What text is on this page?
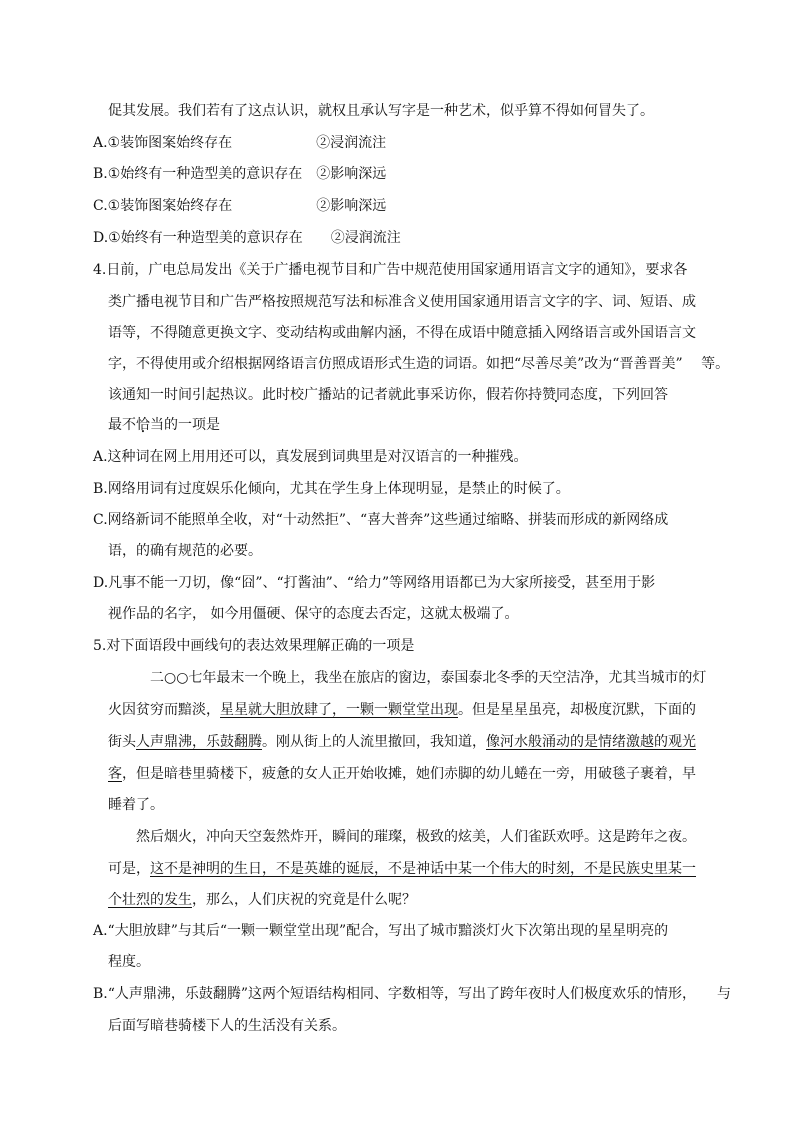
促其发展。我们若有了这点认识，就权且承认写字是一种艺术，似乎算不得如何冒失了。
A.①装饰图案始终存在　　　　　　②浸润流注
B.①始终有一种造型美的意识存在　②影响深远
C.①装饰图案始终存在　　　　　　②影响深远
D.①始终有一种造型美的意识存在　　②浸润流注
4.日前，广电总局发出《关于广播电视节目和广告中规范使用国家通用语言文字的通知》，要求各
类广播电视节目和广告严格按照规范写法和标准含义使用国家通用语言文字的字、词、短语、成
语等，不得随意更换文字、变动结构或曲解内涵，不得在成语中随意插入网络语言或外国语言文
字，不得使用或介绍根据网络语言仿照成语形式生造的词语。如把“尽善尽美”改为“晋善晋美”　 等。
该通知一时间引起热议。此时校广播站的记者就此事采访你，假若你持赞同态度，下列回答
最不恰当的一项是
A.这种词在网上用用还可以，真发展到词典里是对汉语言的一种摧残。
B.网络用词有过度娱乐化倾向，尤其在学生身上体现明显，是禁止的时候了。
C.网络新词不能照单全收，对“十动然拒”、“喜大普奔”这些通过缩略、拼装而形成的新网络成
语，的确有规范的必要。
D.凡事不能一刀切，像“囧”、“打酱油”、“给力”等网络用语都已为大家所接受，甚至用于影
视作品的名字， 如今用僵硬、保守的态度去否定，这就太极端了。
5.对下面语段中画线句的表达效果理解正确的一项是
二○○七年最末一个晚上，我坐在旅店的窗边，泰国泰北冬季的天空洁净，尤其当城市的灯
火因贫穷而黯淡，星星就大胆放肆了，一颗一颗堂堂出现。但是星星虽亮，却极度沉默，下面的
街头人声鼎沸，乐鼓翻腾。刚从街上的人流里撤回，我知道，像河水般涌动的是情绪激越的观光
客，但是暗巷里骑楼下，疲惫的女人正开始收摊，她们赤脚的幼儿蜷在一旁，用破毯子裹着，早
睡着了。
然后烟火，冲向天空轰然炸开，瞬间的璀璨，极致的炫美，人们雀跃欢呼。这是跨年之夜。
可是，这不是神明的生日，不是英雄的诞辰，不是神话中某一个伟大的时刻，不是民族史里某一
个壮烈的发生，那么，人们庆祝的究竟是什么呢？
A.“大胆放肆”与其后“一颗一颗堂堂出现”配合，写出了城市黯淡灯火下次第出现的星星明亮的
程度。
B.“人声鼎沸，乐鼓翻腾”这两个短语结构相同、字数相等，写出了跨年夜时人们极度欢乐的情形，　　与
后面写暗巷骑楼下人的生活没有关系。
